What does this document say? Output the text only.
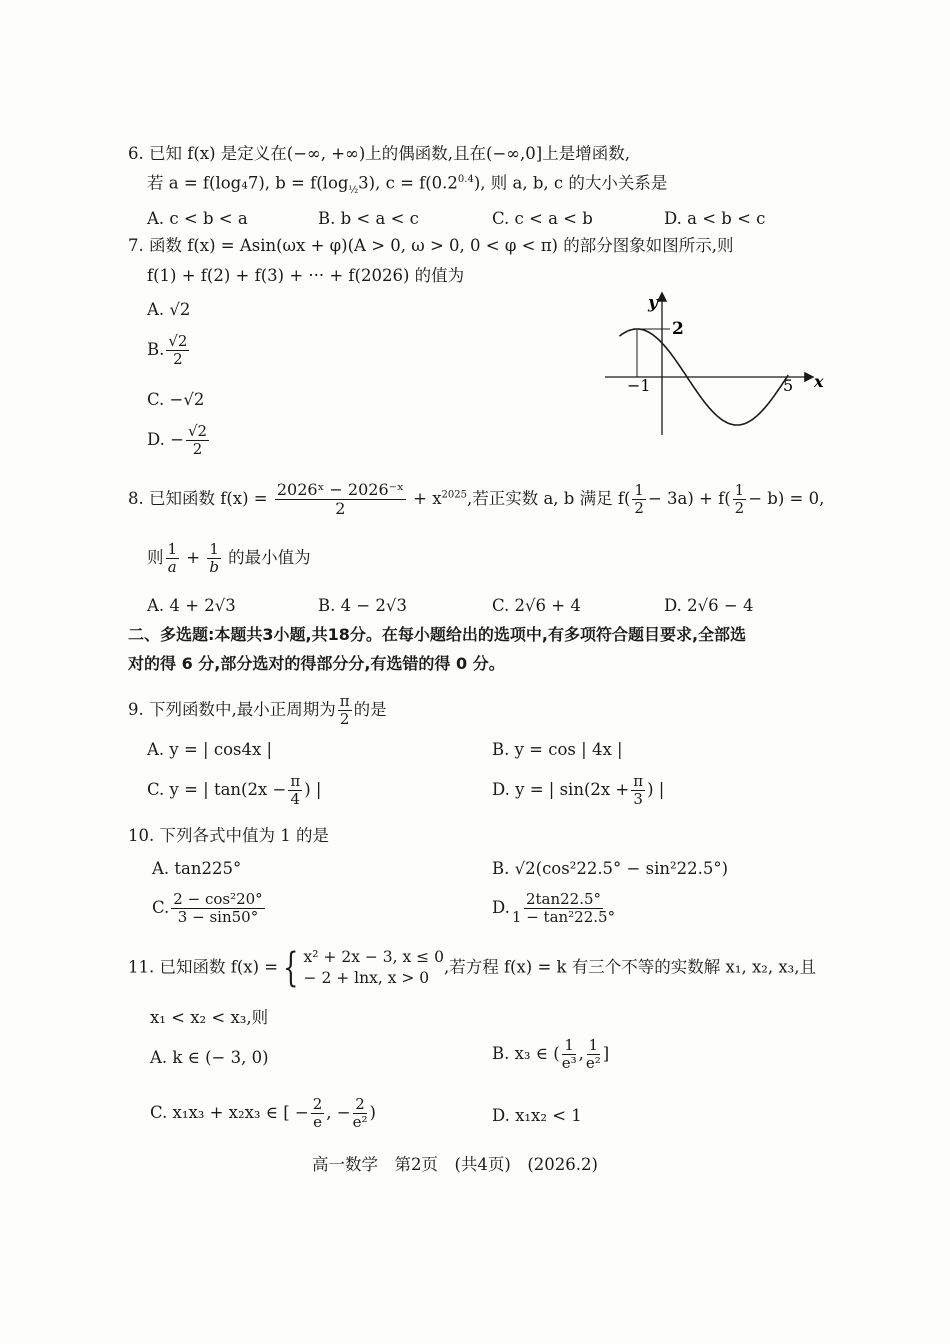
6. 已知 f(x) 是定义在(−∞, +∞)上的偶函数,且在(−∞,0]上是增函数,
若 a = f(log₄7), $b = f(\log_{\frac{1}{2}}3)$, $c = f(0.2^{0.4})$, 则 a, b, c 的大小关系是
A. c < b < a	B. b < a < c	C. c < a < b	D. a < b < c
7. 函数 f(x) = Asin(ωx + φ)(A > 0, ω > 0, 0 < φ < π) 的部分图象如图所示,则
f(1) + f(2) + f(3) + ··· + f(2026) 的值为
A. √2
B. $\frac{√2}{2}$
C. −√2
D. − $\frac{√2}{2}$
y
x
2
−1	5
8. 已知函数 $f(x) = \frac{\text{2026ˣ − 2026⁻ˣ}}{2} + x^{2025}$,若正实数 a, b 满足 $f( \frac{1}{2} - 3a) + f( \frac{1}{2} - b) = 0$,
则 $\frac{1}{a} + \frac{1}{b}$ 的最小值为
A. 4 + 2√3	B. 4 − 2√3	C. 2√6 + 4	D. 2√6 − 4
二、多选题:本题共3小题,共18分。在每小题给出的选项中,有多项符合题目要求,全部选
对的得 6 分,部分选对的得部分分,有选错的得 0 分。
9. 下列函数中,最小正周期为 $\frac{\pi}{2}$ 的是
A. y = | cos4x |	B. y = cos | 4x |
C. y = | $\tan(2x - \frac{\pi}{4}$ ) |	D. y = | $\sin(2x + \frac{\pi}{3}$ ) |
10. 下列各式中值为 1 的是
A. tan225°	B. √2(cos²22.5° − sin²22.5°)
C. $\frac{\text{2 − cos²20°}}{3 - \sin 50^\circ}$	D. $\frac{2\tan 22.5^\circ}{\text{1 − tan²22.5°}}$
11. 已知函数 f(x) = { x² + 2x − 3, x ≤ 0
− 2 + lnx, x > 0
,若方程 f(x) = k 有三个不等的实数解 x₁, x₂, x₃,且
x₁ < x₂ < x₃,则
A. k ∈ (− 3, 0)	B. x₃ ∈ ( $\frac{1}{\text{e³}}$ , $\frac{1}{\text{e²}}$ ]
C. x₁x₃ + x₂x₃ ∈ [ − $\frac{2}{e}$ , − $\frac{2}{\text{e²}}$ )	D. x₁x₂ < 1
高一数学　第2页　(共4页)　(2026.2)
